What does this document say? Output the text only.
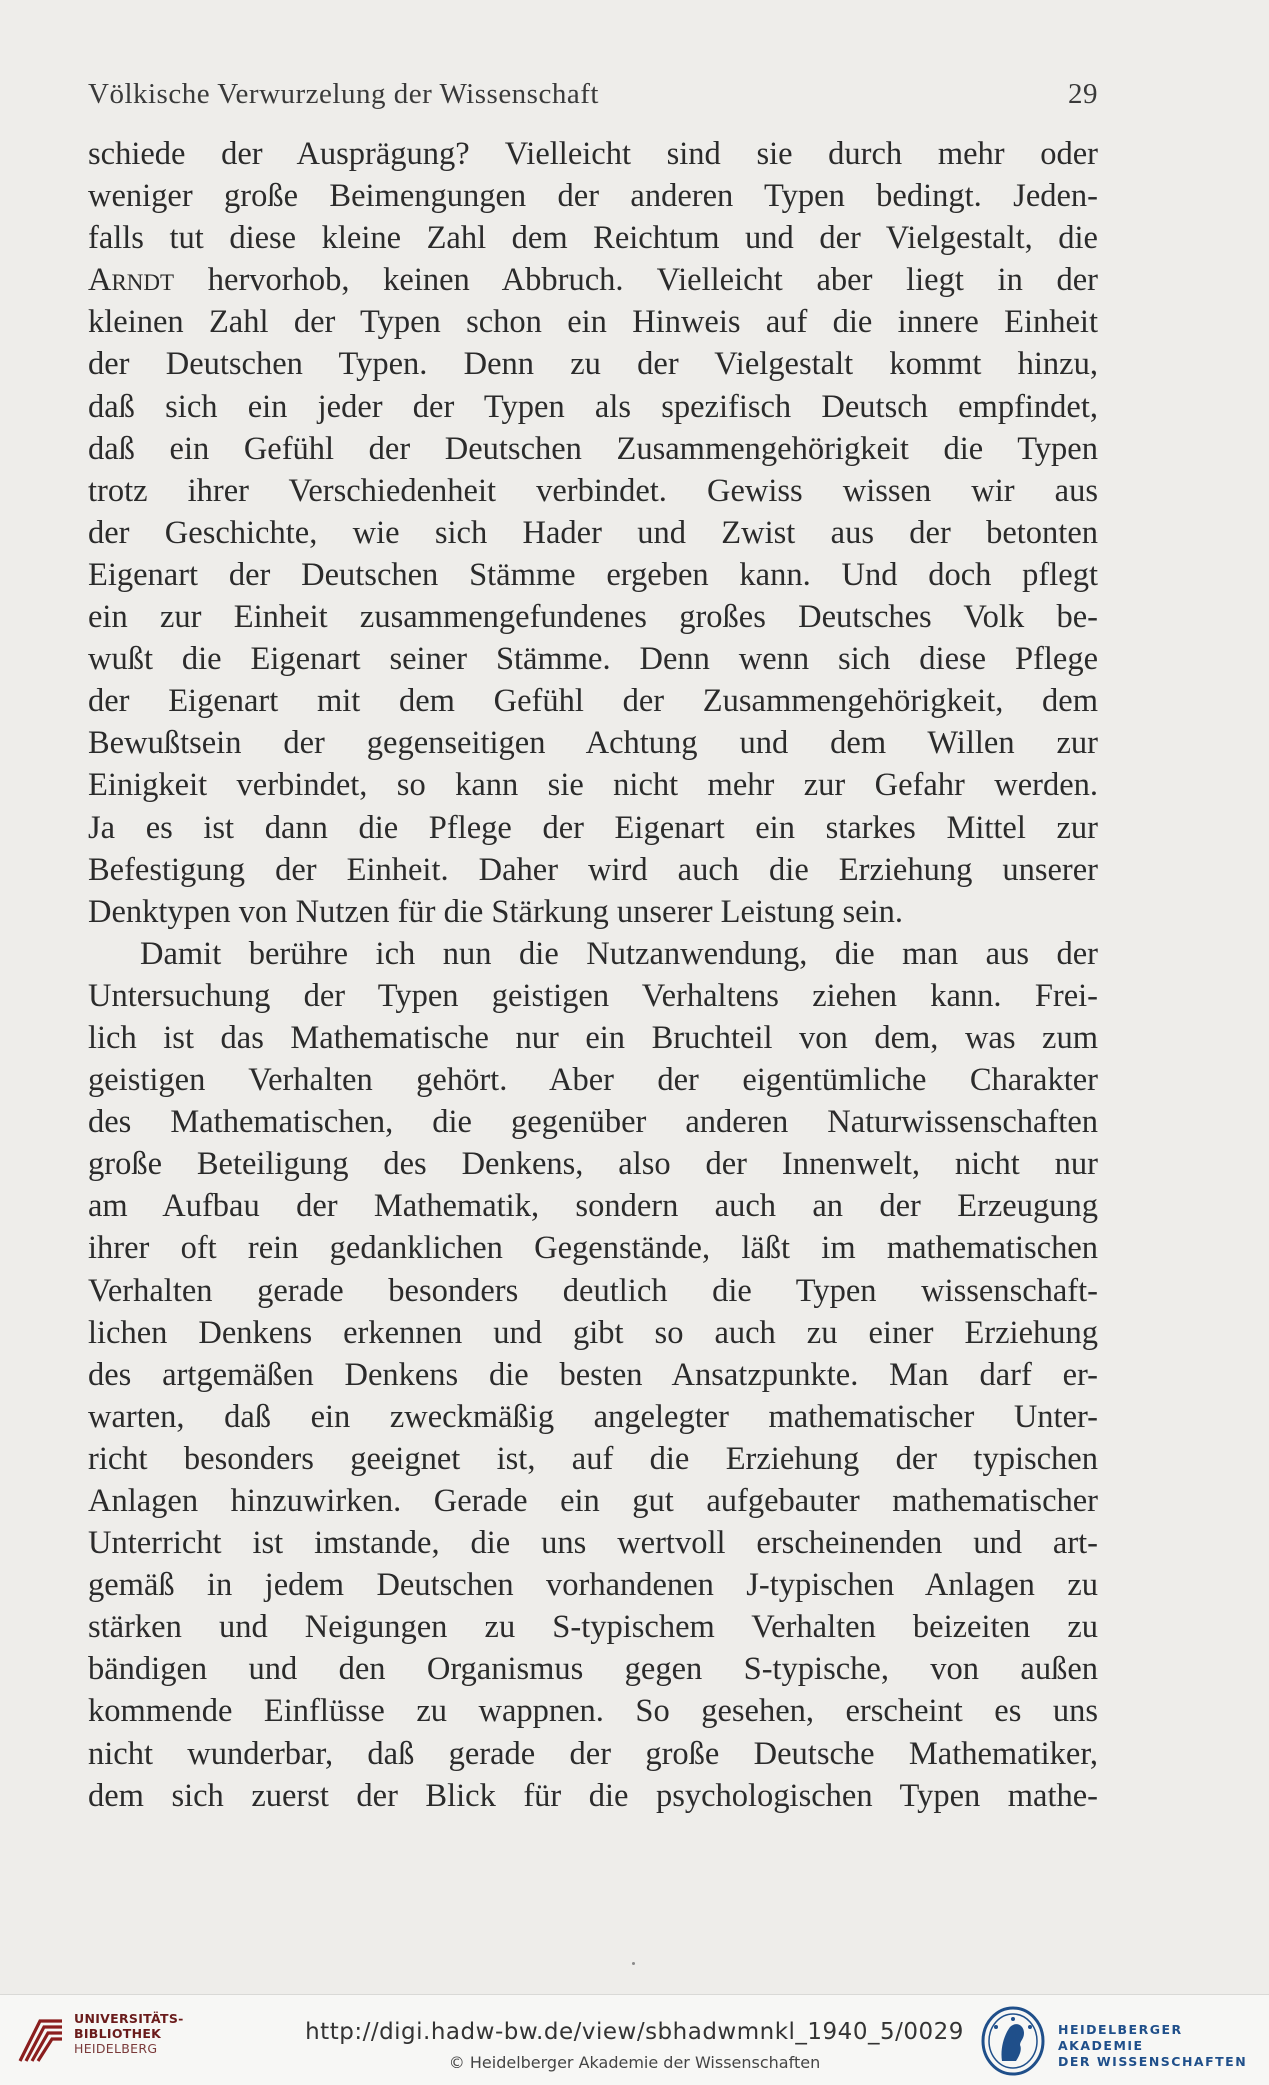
Völkische Verwurzelung der Wissenschaft	29
schiede der Ausprägung? Vielleicht sind sie durch mehr oder
weniger große Beimengungen der anderen Typen bedingt. Jeden-
falls tut diese kleine Zahl dem Reichtum und der Vielgestalt, die
Arndt hervorhob, keinen Abbruch. Vielleicht aber liegt in der
kleinen Zahl der Typen schon ein Hinweis auf die innere Einheit
der Deutschen Typen. Denn zu der Vielgestalt kommt hinzu,
daß sich ein jeder der Typen als spezifisch Deutsch empfindet,
daß ein Gefühl der Deutschen Zusammengehörigkeit die Typen
trotz ihrer Verschiedenheit verbindet. Gewiss wissen wir aus
der Geschichte, wie sich Hader und Zwist aus der betonten
Eigenart der Deutschen Stämme ergeben kann. Und doch pflegt
ein zur Einheit zusammengefundenes großes Deutsches Volk be-
wußt die Eigenart seiner Stämme. Denn wenn sich diese Pflege
der Eigenart mit dem Gefühl der Zusammengehörigkeit, dem
Bewußtsein der gegenseitigen Achtung und dem Willen zur
Einigkeit verbindet, so kann sie nicht mehr zur Gefahr werden.
Ja es ist dann die Pflege der Eigenart ein starkes Mittel zur
Befestigung der Einheit. Daher wird auch die Erziehung unserer
Denktypen von Nutzen für die Stärkung unserer Leistung sein.
Damit berühre ich nun die Nutzanwendung, die man aus der
Untersuchung der Typen geistigen Verhaltens ziehen kann. Frei-
lich ist das Mathematische nur ein Bruchteil von dem, was zum
geistigen Verhalten gehört. Aber der eigentümliche Charakter
des Mathematischen, die gegenüber anderen Naturwissenschaften
große Beteiligung des Denkens, also der Innenwelt, nicht nur
am Aufbau der Mathematik, sondern auch an der Erzeugung
ihrer oft rein gedanklichen Gegenstände, läßt im mathematischen
Verhalten gerade besonders deutlich die Typen wissenschaft-
lichen Denkens erkennen und gibt so auch zu einer Erziehung
des artgemäßen Denkens die besten Ansatzpunkte. Man darf er-
warten, daß ein zweckmäßig angelegter mathematischer Unter-
richt besonders geeignet ist, auf die Erziehung der typischen
Anlagen hinzuwirken. Gerade ein gut aufgebauter mathematischer
Unterricht ist imstande, die uns wertvoll erscheinenden und art-
gemäß in jedem Deutschen vorhandenen J-typischen Anlagen zu
stärken und Neigungen zu S-typischem Verhalten beizeiten zu
bändigen und den Organismus gegen S-typische, von außen
kommende Einflüsse zu wappnen. So gesehen, erscheint es uns
nicht wunderbar, daß gerade der große Deutsche Mathematiker,
dem sich zuerst der Blick für die psychologischen Typen mathe-
UNIVERSITÄTS-
BIBLIOTHEK
HEIDELBERG
http://digi.hadw-bw.de/view/sbhadwmnkl_1940_5/0029
© Heidelberger Akademie der Wissenschaften
HEIDELBERGER AKADEMIE
DER WISSENSCHAFTEN
